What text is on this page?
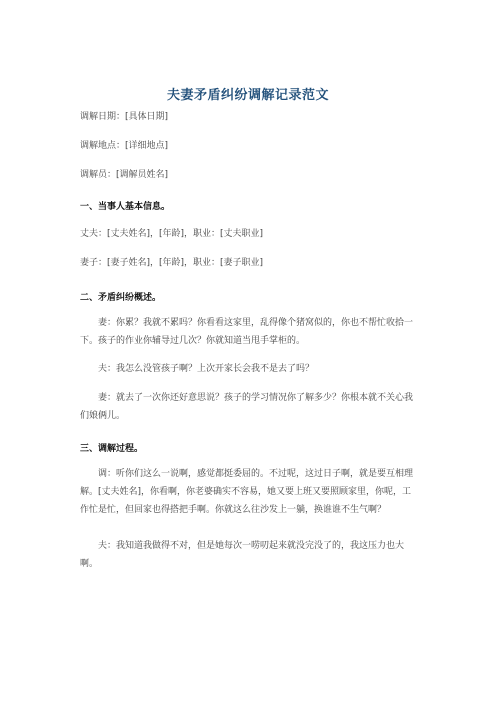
夫妻矛盾纠纷调解记录范文
调解日期：[具体日期]
调解地点：[详细地点]
调解员：[调解员姓名]
一、当事人基本信息。
丈夫：[丈夫姓名]，[年龄]，职业：[丈夫职业]
妻子：[妻子姓名]，[年龄]，职业：[妻子职业]
二、矛盾纠纷概述。
妻：你累？我就不累吗？你看看这家里，乱得像个猪窝似的，你也不帮忙收拾一下。孩子的作业你辅导过几次？你就知道当甩手掌柜的。
夫：我怎么没管孩子啊？上次开家长会我不是去了吗？
妻：就去了一次你还好意思说？孩子的学习情况你了解多少？你根本就不关心我们娘俩儿。
三、调解过程。
调：听你们这么一说啊，感觉都挺委屈的。不过呢，这过日子啊，就是要互相理解。[丈夫姓名]，你看啊，你老婆确实不容易，她又要上班又要照顾家里，你呢，工作忙是忙，但回家也得搭把手啊。你就这么往沙发上一躺，换谁谁不生气啊？
夫：我知道我做得不对，但是她每次一唠叨起来就没完没了的，我这压力也大啊。
